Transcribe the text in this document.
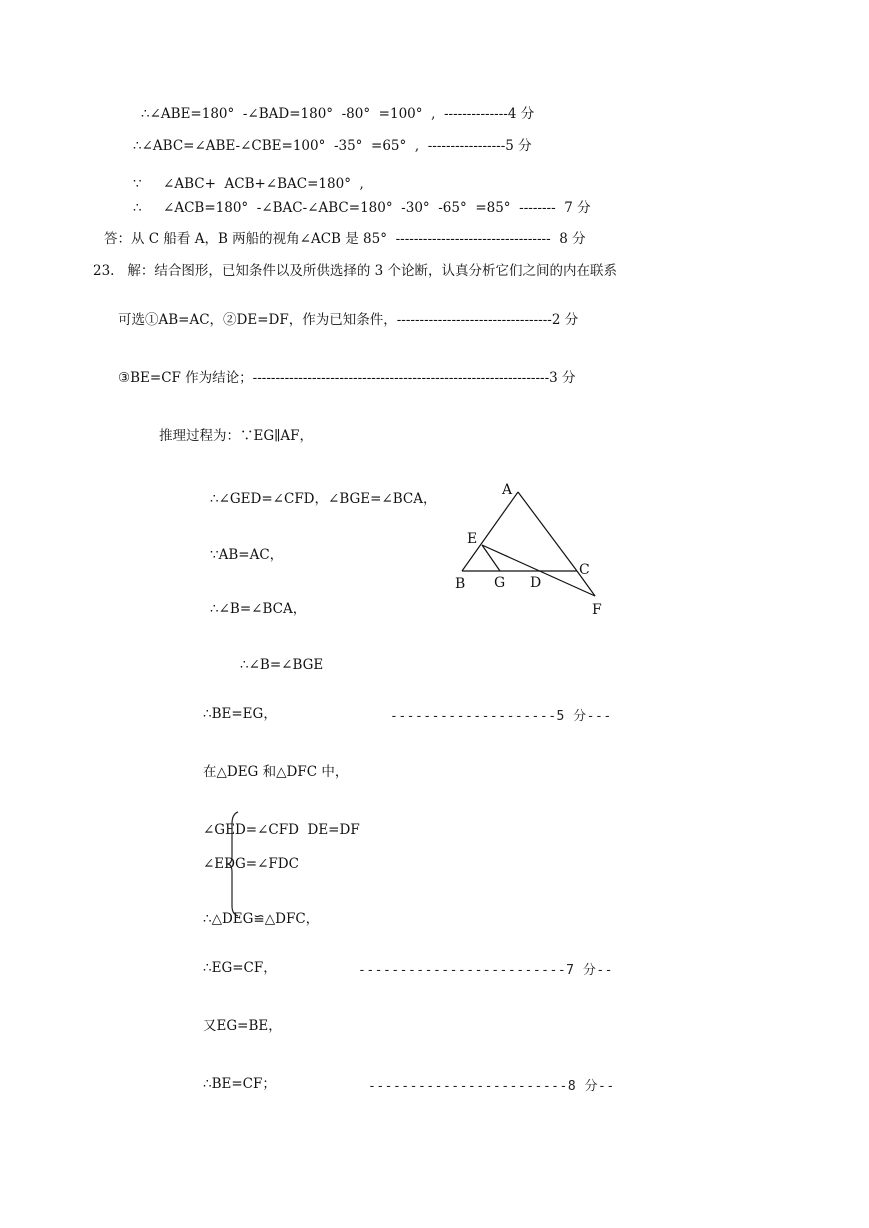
∴∠ABE=180°  -∠BAD=180°  -80°  =100°  ,  --------------4 分
∴∠ABC=∠ABE-∠CBE=100°  -35°  =65°  ,  -----------------5 分
∵     ∠ABC+  ACB+∠BAC=180°  ,
∴     ∠ACB=180°  -∠BAC-∠ABC=180°  -30°  -65°  =85°  --------  7 分
答：从 C 船看 A，B 两船的视角∠ACB 是 85°  ----------------------------------  8 分
23.   解：结合图形，已知条件以及所供选择的 3 个论断，认真分析它们之间的内在联系
可选①AB=AC，②DE=DF，作为已知条件，----------------------------------2 分
③BE=CF 作为结论；-----------------------------------------------------------------3 分
推理过程为：∵EG∥AF，
∴∠GED=∠CFD，∠BGE=∠BCA，
∵AB=AC，
∴∠B=∠BCA，
∴∠B=∠BGE
∴BE=EG，	--------------------5 分---
在△DEG 和△DFC 中，
∠GED=∠CFD  DE=DF
∠EDG=∠FDC
∴△DEG≌△DFC，
∴EG=CF，	-------------------------7 分--
又EG=BE，
∴BE=CF；	------------------------8 分--
A
E
B G D
C
F
